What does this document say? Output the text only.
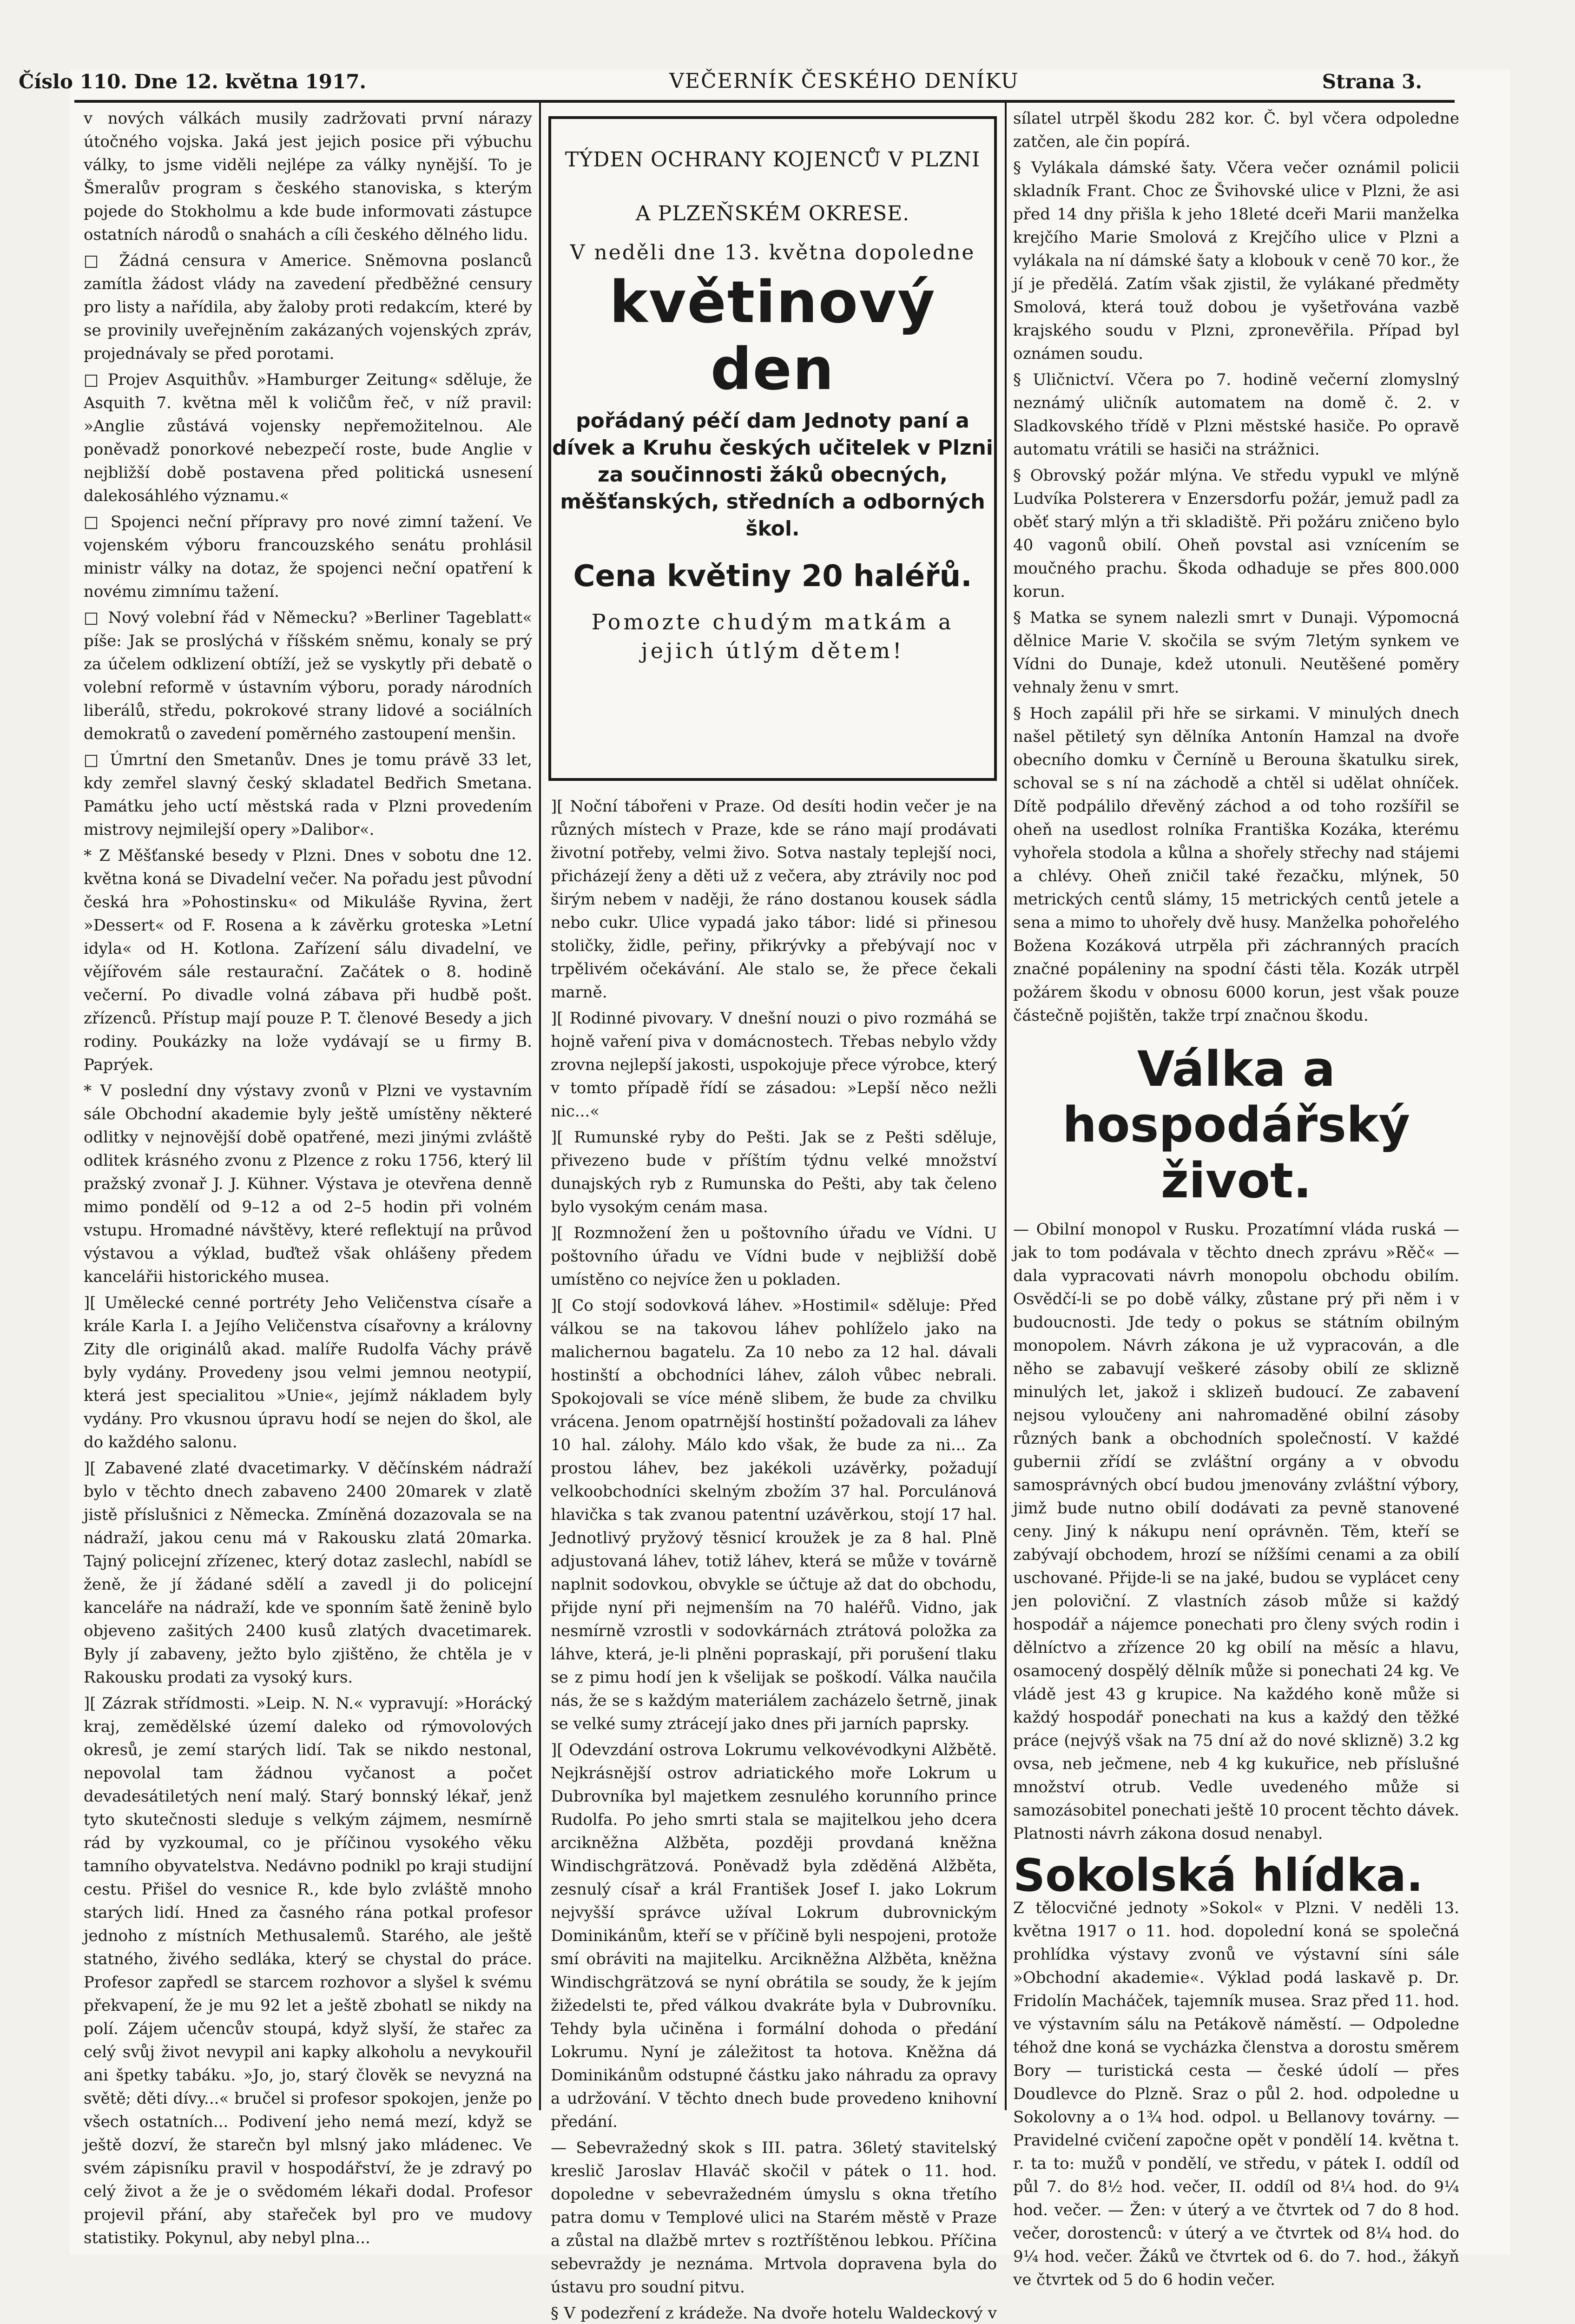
Číslo 110. Dne 12. května 1917.	VEČERNÍK ČESKÉHO DENÍKU	Strana 3.

v nových válkách musily zadržovati první nárazy útočného vojska. Jaká jest jejich posice při výbuchu války, to jsme viděli nejlépe za války nynější. To je Šmeralův program s českého stanoviska, s kterým pojede do Stokholmu a kde bude informovati zástupce ostatních národů o snahách a cíli českého dělného lidu.

□ Žádná censura v Americe. Sněmovna poslanců zamítla žádost vlády na zavedení předběžné censury pro listy a nařídila, aby žaloby proti redakcím, které by se provinily uveřejněním zakázaných vojenských zpráv, projednávaly se před porotami.

□ Projev Asquithův. »Hamburger Zeitung« sděluje, že Asquith 7. května měl k voličům řeč, v níž pravil: »Anglie zůstává vojensky nepřemožitelnou. Ale poněvadž ponorkové nebezpečí roste, bude Anglie v nejbližší době postavena před politická usnesení dalekosáhlého významu.«

□ Spojenci neční přípravy pro nové zimní tažení. Ve vojenském výboru francouzského senátu prohlásil ministr války na dotaz, že spojenci neční opatření k novému zimnímu tažení.

□ Nový volební řád v Německu? »Berliner Tageblatt« píše: Jak se proslýchá v říšském sněmu, konaly se prý za účelem odklizení obtíží, jež se vyskytly při debatě o volební reformě v ústavním výboru, porady národních liberálů, středu, pokrokové strany lidové a sociálních demokratů o zavedení poměrného zastoupení menšin.

□ Úmrtní den Smetanův. Dnes je tomu právě 33 let, kdy zemřel slavný český skladatel Bedřich Smetana. Památku jeho uctí městská rada v Plzni provedením mistrovy nejmilejší opery »Dalibor«.

* Z Měšťanské besedy v Plzni. Dnes v sobotu dne 12. května koná se Divadelní večer. Na pořadu jest původní česká hra »Pohostinsku« od Mikuláše Ryvina, žert »Dessert« od F. Rosena a k závěrku groteska »Letní idyla« od H. Kotlona. Zařízení sálu divadelní, ve vějířovém sále restaurační. Začátek o 8. hodině večerní. Po divadle volná zábava při hudbě pošt. zřízenců. Přístup mají pouze P. T. členové Besedy a jich rodiny. Poukázky na lože vydávají se u firmy B. Paprýek.

* V poslední dny výstavy zvonů v Plzni ve vystavním sále Obchodní akademie byly ještě umístěny některé odlitky v nejnovější době opatřené, mezi jinými zvláště odlitek krásného zvonu z Plzence z roku 1756, který lil pražský zvonař J. J. Kühner. Výstava je otevřena denně mimo pondělí od 9–12 a od 2–5 hodin při volném vstupu. Hromadné návštěvy, které reflektují na průvod výstavou a výklad, buďtež však ohlášeny předem kancelářii historického musea.

][ Umělecké cenné portréty Jeho Veličenstva císaře a krále Karla I. a Jejího Veličenstva císařovny a královny Zity dle originálů akad. malíře Rudolfa Váchy právě byly vydány. Provedeny jsou velmi jemnou neotypií, která jest specialitou »Unie«, jejímž nákladem byly vydány. Pro vkusnou úpravu hodí se nejen do škol, ale do každého salonu.

][ Zabavené zlaté dvacetimarky. V děčínském nádraží bylo v těchto dnech zabaveno 2400 20marek v zlatě jistě příslušnici z Německa. Zmíněná dozazovala se na nádraží, jakou cenu má v Rakousku zlatá 20marka. Tajný policejní zřízenec, který dotaz zaslechl, nabídl se ženě, že jí žádané sdělí a zavedl ji do policejní kanceláře na nádraží, kde ve sponním šatě ženině bylo objeveno zašitých 2400 kusů zlatých dvacetimarek. Byly jí zabaveny, ježto bylo zjištěno, že chtěla je v Rakousku prodati za vysoký kurs.

][ Zázrak střídmosti. »Leip. N. N.« vypravují: »Horácký kraj, zemědělské území daleko od rýmovolových okresů, je zemí starých lidí. Tak se nikdo nestonal, nepovolal tam žádnou vyčanost a počet devadesátiletých není malý. Starý bonnský lékař, jenž tyto skutečnosti sleduje s velkým zájmem, nesmírně rád by vyzkoumal, co je příčinou vysokého věku tamního obyvatelstva. Nedávno podnikl po kraji studijní cestu. Přišel do vesnice R., kde bylo zvláště mnoho starých lidí. Hned za časného rána potkal profesor jednoho z místních Methusalemů. Starého, ale ještě statného, živého sedláka, který se chystal do práce. Profesor zapředl se starcem rozhovor a slyšel k svému překvapení, že je mu 92 let a ještě zbohatl se nikdy na polí. Zájem učencův stoupá, když slyší, že stařec za celý svůj život nevypil ani kapky alkoholu a nevykouřil ani špetky tabáku. »Jo, jo, starý člověk se nevyzná na světě; děti dívy...« bručel si profesor spokojen, jenže po všech ostatních... Podivení jeho nemá mezí, když se ještě dozví, že starečn byl mlsný jako mládenec. Ve svém zápisníku pravil v hospodářství, že je zdravý po celý život a že je o svědomém lékaři dodal. Profesor projevil přání, aby stařeček byl pro ve mudovy statistiky. Pokynul, aby nebyl plna...

TÝDEN OCHRANY KOJENCŮ V PLZNI
A PLZEŇSKÉM OKRESE.
V neděli dne 13. května dopoledne
květinový den
pořádaný péčí dam Jednoty paní a dívek a Kruhu českých učitelek v Plzni za součinnosti žáků obecných, měšťanských, středních a odborných škol.
Cena květiny 20 haléřů.
Pomozte chudým matkám a jejich útlým dětem!

][ Noční tábořeni v Praze. Od desíti hodin večer je na různých místech v Praze, kde se ráno mají prodávati životní potřeby, velmi živo. Sotva nastaly teplejší noci, přicházejí ženy a děti už z večera, aby ztrávily noc pod širým nebem v naději, že ráno dostanou kousek sádla nebo cukr. Ulice vypadá jako tábor: lidé si přinesou stoličky, židle, peřiny, přikrývky a přebývají noc v trpělivém očekávání. Ale stalo se, že přece čekali marně.

][ Rodinné pivovary. V dnešní nouzi o pivo rozmáhá se hojně vaření piva v domácnostech. Třebas nebylo vždy zrovna nejlepší jakosti, uspokojuje přece výrobce, který v tomto případě řídí se zásadou: »Lepší něco nežli nic...«

][ Rumunské ryby do Pešti. Jak se z Pešti sděluje, přivezeno bude v příštím týdnu velké množství dunajských ryb z Rumunska do Pešti, aby tak čeleno bylo vysokým cenám masa.

][ Rozmnožení žen u poštovního úřadu ve Vídni. U poštovního úřadu ve Vídni bude v nejbližší době umístěno co nejvíce žen u pokladen.

][ Co stojí sodovková láhev. »Hostimil« sděluje: Před válkou se na takovou láhev pohlíželo jako na malichernou bagatelu. Za 10 nebo za 12 hal. dávali hostinští a obchodníci láhev, záloh vůbec nebrali. Spokojovali se více méně slibem, že bude za chvilku vrácena. Jenom opatrnější hostinští požadovali za láhev 10 hal. zálohy. Málo kdo však, že bude za ni... Za prostou láhev, bez jakékoli uzávěrky, požadují velkoobchodníci skelným zbožím 37 hal. Porculánová hlavička s tak zvanou patentní uzávěrkou, stojí 17 hal. Jednotlivý pryžový těsnicí kroužek je za 8 hal. Plně adjustovaná láhev, totiž láhev, která se může v továrně naplnit sodovkou, obvykle se účtuje až dat do obchodu, přijde nyní při nejmenším na 70 haléřů. Vidno, jak nesmírně vzrostli v sodovkárnách ztrátová položka za láhve, která, je-li plněni popraskají, při porušení tlaku se z pimu hodí jen k všelijak se poškodí. Válka naučila nás, že se s každým materiálem zacházelo šetrně, jinak se velké sumy ztrácejí jako dnes při jarních paprsky.

][ Odevzdání ostrova Lokrumu velkovévodkyni Alžbětě. Nejkrásnější ostrov adriatického moře Lokrum u Dubrovníka byl majetkem zesnulého korunního prince Rudolfa. Po jeho smrti stala se majitelkou jeho dcera arcikněžna Alžběta, později provdaná kněžna Windischgrätzová. Poněvadž byla zděděná Alžběta, zesnulý císař a král František Josef I. jako Lokrum nejvyšší správce užíval Lokrum dubrovnickým Dominikánům, kteří se v příčině byli nespojeni, protože smí obráviti na majitelku. Arcikněžna Alžběta, kněžna Windischgrätzová se nyní obrátila se soudy, že k jejím žižedelsti te, před válkou dvakráte byla v Dubrovníku. Tehdy byla učiněna i formální dohoda o předání Lokrumu. Nyní je záležitost ta hotova. Kněžna dá Dominikánům odstupné částku jako náhradu za opravy a udržování. V těchto dnech bude provedeno knihovní předání.

— Sebevražedný skok s III. patra. 36letý stavitelský kreslič Jaroslav Hlaváč skočil v pátek o 11. hod. dopoledne v sebevražedném úmyslu s okna třetího patra domu v Templové ulici na Starém městě v Praze a zůstal na dlažbě mrtev s roztříštěnou lebkou. Příčina sebevraždy je neznáma. Mrtvola dopravena byla do ústavu pro soudní pitvu.

§ V podezření z krádeže. Na dvoře hotelu Waldeckový v

sílatel utrpěl škodu 282 kor. Č. byl včera odpoledne zatčen, ale čin popírá.

§ Vylákala dámské šaty. Včera večer oznámil policii skladník Frant. Choc ze Švihovské ulice v Plzni, že asi před 14 dny přišla k jeho 18leté dceři Marii manželka krejčího Marie Smolová z Krejčího ulice v Plzni a vylákala na ní dámské šaty a klobouk v ceně 70 kor., že jí je předělá. Zatím však zjistil, že vylákané předměty Smolová, která touž dobou je vyšetřována vazbě krajského soudu v Plzni, zpronevěřila. Případ byl oznámen soudu.

§ Uličnictví. Včera po 7. hodině večerní zlomyslný neznámý uličník automatem na domě č. 2. v Sladkovského třídě v Plzni městské hasiče. Po opravě automatu vrátili se hasiči na strážnici.

§ Obrovský požár mlýna. Ve středu vypukl ve mlýně Ludvíka Polsterera v Enzersdorfu požár, jemuž padl za oběť starý mlýn a tři skladiště. Při požáru zničeno bylo 40 vagonů obilí. Oheň povstal asi vznícením se moučného prachu. Škoda odhaduje se přes 800.000 korun.

§ Matka se synem nalezli smrt v Dunaji. Výpomocná dělnice Marie V. skočila se svým 7letým synkem ve Vídni do Dunaje, kdež utonuli. Neutěšené poměry vehnaly ženu v smrt.

§ Hoch zapálil při hře se sirkami. V minulých dnech našel pětiletý syn dělníka Antonín Hamzal na dvoře obecního domku v Černíně u Berouna škatulku sirek, schoval se s ní na záchodě a chtěl si udělat ohníček. Dítě podpálilo dřevěný záchod a od toho rozšířil se oheň na usedlost rolníka Františka Kozáka, kterému vyhořela stodola a kůlna a shořely střechy nad stájemi a chlévy. Oheň zničil také řezačku, mlýnek, 50 metrických centů slámy, 15 metrických centů jetele a sena a mimo to uhořely dvě husy. Manželka pohořelého Božena Kozáková utrpěla při záchranných pracích značné popáleniny na spodní části těla. Kozák utrpěl požárem škodu v obnosu 6000 korun, jest však pouze částečně pojištěn, takže trpí značnou škodu.

Válka a hospodářský život.

— Obilní monopol v Rusku. Prozatímní vláda ruská — jak to tom podávala v těchto dnech zprávu »Rěč« — dala vypracovati návrh monopolu obchodu obilím. Osvědčí-li se po době války, zůstane prý při něm i v budoucnosti. Jde tedy o pokus se státním obilným monopolem. Návrh zákona je už vypracován, a dle něho se zabavují veškeré zásoby obilí ze sklizně minulých let, jakož i sklizeň budoucí. Ze zabavení nejsou vyloučeny ani nahromaděné obilní zásoby různých bank a obchodních společností. V každé gubernii zřídí se zvláštní orgány a v obvodu samosprávných obcí budou jmenovány zvláštní výbory, jimž bude nutno obilí dodávati za pevně stanovené ceny. Jiný k nákupu není oprávněn. Těm, kteří se zabývají obchodem, hrozí se nížšími cenami a za obilí uschované. Přijde-li se na jaké, budou se vyplácet ceny jen poloviční. Z vlastních zásob může si každý hospodář a nájemce ponechati pro členy svých rodin i dělníctvo a zřízence 20 kg obilí na měsíc a hlavu, osamocený dospělý dělník může si ponechati 24 kg. Ve vládě jest 43 g krupice. Na každého koně může si každý hospodář ponechati na kus a každý den těžké práce (nejvýš však na 75 dní až do nové sklizně) 3.2 kg ovsa, neb ječmene, neb 4 kg kukuřice, neb příslušné množství otrub. Vedle uvedeného může si samozásobitel ponechati ještě 10 procent těchto dávek. Platnosti návrh zákona dosud nenabyl.

Sokolská hlídka.

Z tělocvičné jednoty »Sokol« v Plzni. V neděli 13. května 1917 o 11. hod. dopolední koná se společná prohlídka výstavy zvonů ve výstavní síni sále »Obchodní akademie«. Výklad podá laskavě p. Dr. Fridolín Macháček, tajemník musea. Sraz před 11. hod. ve výstavním sálu na Petákově náměstí. — Odpoledne téhož dne koná se vycházka členstva a dorostu směrem Bory — turistická cesta — české údolí — přes Doudlevce do Plzně. Sraz o půl 2. hod. odpoledne u Sokolovny a o 1¾ hod. odpol. u Bellanovy továrny. — Pravidelné cvičení započne opět v pondělí 14. května t. r. ta to: mužů v pondělí, ve středu, v pátek I. oddíl od půl 7. do 8½ hod. večer, II. oddíl od 8¼ hod. do 9¼ hod. večer. — Žen: v úterý a ve čtvrtek od 7 do 8 hod. večer, dorostenců: v úterý a ve čtvrtek od 8¼ hod. do 9¼ hod. večer. Žáků ve čtvrtek od 6. do 7. hod., žákyň ve čtvrtek od 5 do 6 hodin večer.
